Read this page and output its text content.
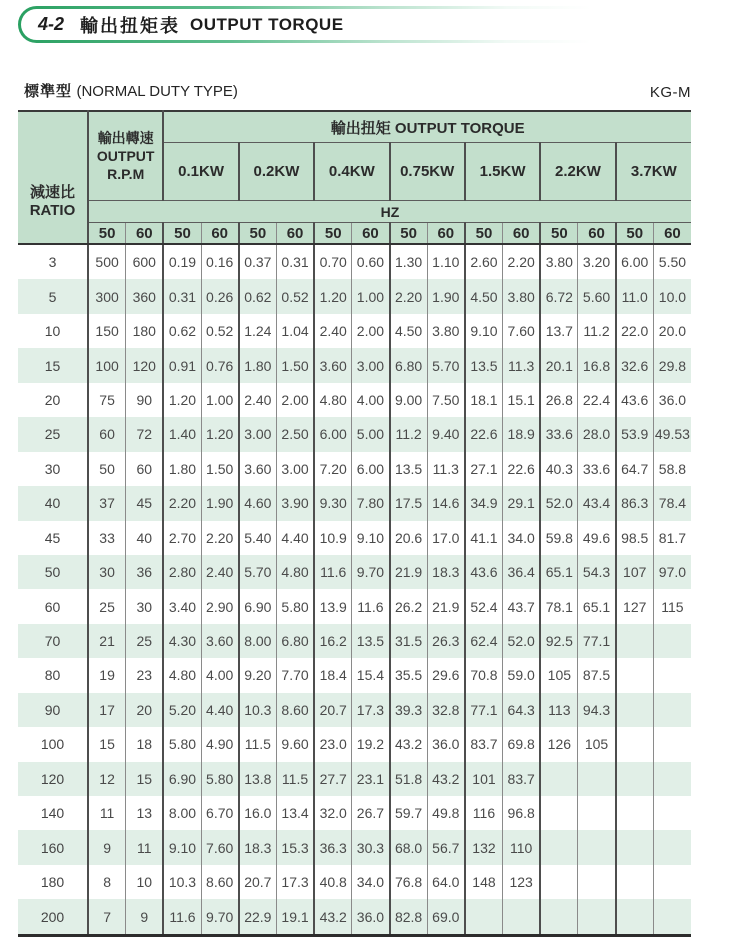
4-2 輸出扭矩表 OUTPUT TORQUE
標準型 (NORMAL DUTY TYPE)	KG-M
減速比
RATIO

輸出轉速
OUTPUT
R.P.M
	輸出扭矩 OUTPUT TORQUE
			0.1KW		0.2KW		0.4KW		0.75KW		1.5KW		2.2KW		3.7KW	
	HZ															
	50	60	50	60	50	60	50	60	50	60	50	60	50	60	50	60
3	500	600	0.19	0.16	0.37	0.31	0.70	0.60	1.30	1.10	2.60	2.20	3.80	3.20	6.00	5.50
5	300	360	0.31	0.26	0.62	0.52	1.20	1.00	2.20	1.90	4.50	3.80	6.72	5.60	11.0	10.0
10	150	180	0.62	0.52	1.24	1.04	2.40	2.00	4.50	3.80	9.10	7.60	13.7	11.2	22.0	20.0
15	100	120	0.91	0.76	1.80	1.50	3.60	3.00	6.80	5.70	13.5	11.3	20.1	16.8	32.6	29.8
20	75	90	1.20	1.00	2.40	2.00	4.80	4.00	9.00	7.50	18.1	15.1	26.8	22.4	43.6	36.0
25	60	72	1.40	1.20	3.00	2.50	6.00	5.00	11.2	9.40	22.6	18.9	33.6	28.0	53.9	49.53
30	50	60	1.80	1.50	3.60	3.00	7.20	6.00	13.5	11.3	27.1	22.6	40.3	33.6	64.7	58.8
40	37	45	2.20	1.90	4.60	3.90	9.30	7.80	17.5	14.6	34.9	29.1	52.0	43.4	86.3	78.4
45	33	40	2.70	2.20	5.40	4.40	10.9	9.10	20.6	17.0	41.1	34.0	59.8	49.6	98.5	81.7
50	30	36	2.80	2.40	5.70	4.80	11.6	9.70	21.9	18.3	43.6	36.4	65.1	54.3	107	97.0
60	25	30	3.40	2.90	6.90	5.80	13.9	11.6	26.2	21.9	52.4	43.7	78.1	65.1	127	115
70	21	25	4.30	3.60	8.00	6.80	16.2	13.5	31.5	26.3	62.4	52.0	92.5	77.1		
80	19	23	4.80	4.00	9.20	7.70	18.4	15.4	35.5	29.6	70.8	59.0	105	87.5		
90	17	20	5.20	4.40	10.3	8.60	20.7	17.3	39.3	32.8	77.1	64.3	113	94.3		
100	15	18	5.80	4.90	11.5	9.60	23.0	19.2	43.2	36.0	83.7	69.8	126	105		
120	12	15	6.90	5.80	13.8	11.5	27.7	23.1	51.8	43.2	101	83.7				
140	11	13	8.00	6.70	16.0	13.4	32.0	26.7	59.7	49.8	116	96.8				
160	9	11	9.10	7.60	18.3	15.3	36.3	30.3	68.0	56.7	132	110				
180	8	10	10.3	8.60	20.7	17.3	40.8	34.0	76.8	64.0	148	123				
200	7	9	11.6	9.70	22.9	19.1	43.2	36.0	82.8	69.0						
